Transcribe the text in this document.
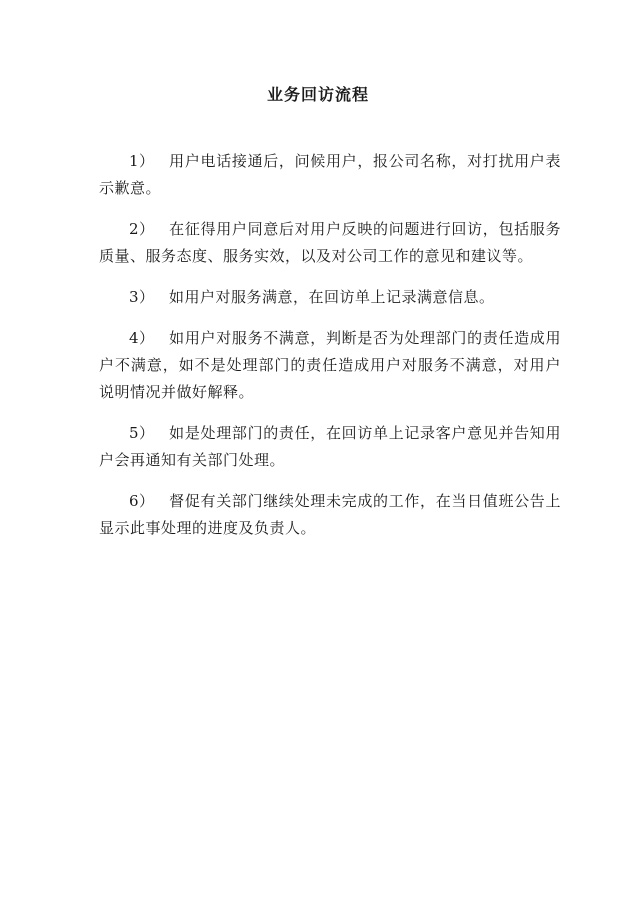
业务回访流程

1） 用户电话接通后，问候用户，报公司名称，对打扰用户表示歉意。

2） 在征得用户同意后对用户反映的问题进行回访，包括服务质量、服务态度、服务实效，以及对公司工作的意见和建议等。

3） 如用户对服务满意，在回访单上记录满意信息。

4） 如用户对服务不满意，判断是否为处理部门的责任造成用户不满意，如不是处理部门的责任造成用户对服务不满意，对用户说明情况并做好解释。

5） 如是处理部门的责任，在回访单上记录客户意见并告知用户会再通知有关部门处理。

6） 督促有关部门继续处理未完成的工作，在当日值班公告上显示此事处理的进度及负责人。
